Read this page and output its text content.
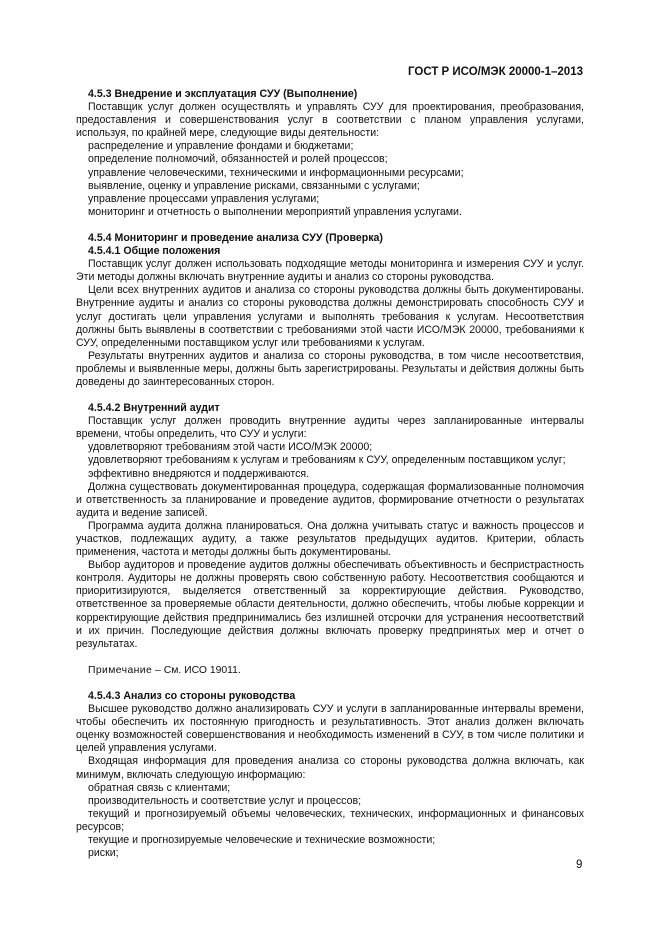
ГОСТ Р ИСО/МЭК 20000-1–2013

4.5.3 Внедрение и эксплуатация СУУ (Выполнение)

Поставщик услуг должен осуществлять и управлять СУУ для проектирования, преобразования, предоставления и совершенствования услуг в соответствии с планом управления услугами, используя, по крайней мере, следующие виды деятельности:

распределение и управление фондами и бюджетами;

определение полномочий, обязанностей и ролей процессов;

управление человеческими, техническими и информационными ресурсами;

выявление, оценку и управление рисками, связанными с услугами;

управление процессами управления услугами;

мониторинг и отчетность о выполнении мероприятий управления услугами.

4.5.4 Мониторинг и проведение анализа СУУ (Проверка)

4.5.4.1 Общие положения

Поставщик услуг должен использовать подходящие методы мониторинга и измерения СУУ и услуг. Эти методы должны включать внутренние аудиты и анализ со стороны руководства.

Цели всех внутренних аудитов и анализа со стороны руководства должны быть документированы. Внутренние аудиты и анализ со стороны руководства должны демонстрировать способность СУУ и услуг достигать цели управления услугами и выполнять требования к услугам. Несоответствия должны быть выявлены в соответствии с требованиями этой части ИСО/МЭК 20000, требованиями к СУУ, определенными поставщиком услуг или требованиями к услугам.

Результаты внутренних аудитов и анализа со стороны руководства, в том числе несоответствия, проблемы и выявленные меры, должны быть зарегистрированы. Результаты и действия должны быть доведены до заинтересованных сторон.

4.5.4.2 Внутренний аудит

Поставщик услуг должен проводить внутренние аудиты через запланированные интервалы времени, чтобы определить, что СУУ и услуги:

удовлетворяют требованиям этой части ИСО/МЭК 20000;

удовлетворяют требованиям к услугам и требованиям к СУУ, определенным поставщиком услуг;

эффективно внедряются и поддерживаются.

Должна существовать документированная процедура, содержащая формализованные полномочия и ответственность за планирование и проведение аудитов, формирование отчетности о результатах аудита и ведение записей.

Программа аудита должна планироваться. Она должна учитывать статус и важность процессов и участков, подлежащих аудиту, а также результатов предыдущих аудитов. Критерии, область применения, частота и методы должны быть документированы.

Выбор аудиторов и проведение аудитов должны обеспечивать объективность и беспристрастность контроля. Аудиторы не должны проверять свою собственную работу. Несоответствия сообщаются и приоритизируются, выделяется ответственный за корректирующие действия. Руководство, ответственное за проверяемые области деятельности, должно обеспечить, чтобы любые коррекции и корректирующие действия предпринимались без излишней отсрочки для устранения несоответствий и их причин. Последующие действия должны включать проверку предпринятых мер и отчет о результатах.

Примечание – См. ИСО 19011.

4.5.4.3 Анализ со стороны руководства

Высшее руководство должно анализировать СУУ и услуги в запланированные интервалы времени, чтобы обеспечить их постоянную пригодность и результативность. Этот анализ должен включать оценку возможностей совершенствования и необходимость изменений в СУУ, в том числе политики и целей управления услугами.

Входящая информация для проведения анализа со стороны руководства должна включать, как минимум, включать следующую информацию:

обратная связь с клиентами;

производительность и соответствие услуг и процессов;

текущий и прогнозируемый объемы человеческих, технических, информационных и финансовых ресурсов;

текущие и прогнозируемые человеческие и технические возможности;

риски;

9
